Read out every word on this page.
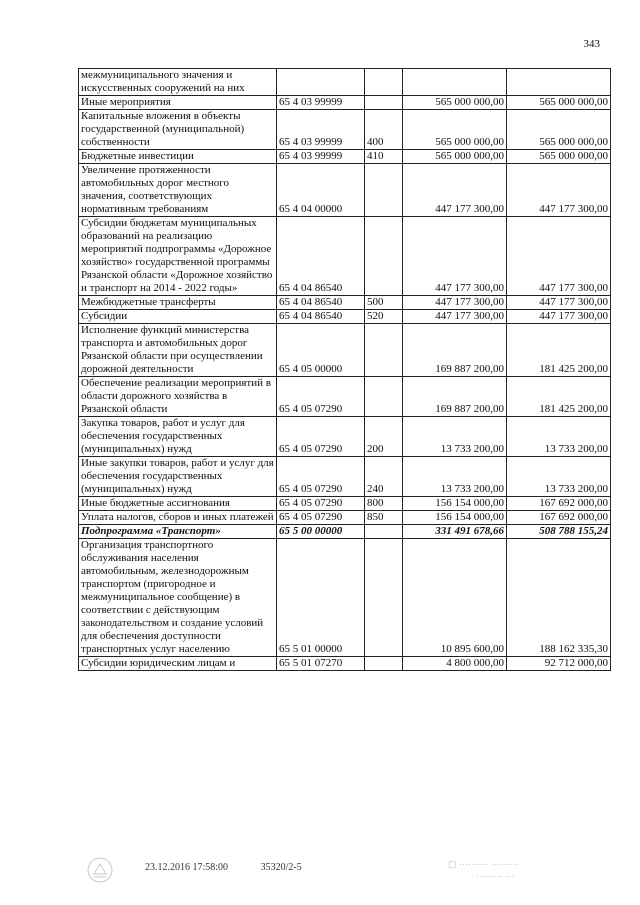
343
межмуниципального значения и искусственных сооружений на них				
Иные мероприятия	65 4 03 99999		565 000 000,00	565 000 000,00
Капитальные вложения в объекты государственной (муниципальной) собственности	65 4 03 99999	400	565 000 000,00	565 000 000,00
Бюджетные инвестиции	65 4 03 99999	410	565 000 000,00	565 000 000,00
Увеличение протяженности автомобильных дорог местного значения, соответствующих нормативным требованиям	65 4 04 00000		447 177 300,00	447 177 300,00
Субсидии бюджетам муниципальных образований на реализацию мероприятий подпрограммы «Дорожное хозяйство» государственной программы Рязанской области «Дорожное хозяйство и транспорт на 2014 - 2022 годы»	65 4 04 86540		447 177 300,00	447 177 300,00
Межбюджетные трансферты	65 4 04 86540	500	447 177 300,00	447 177 300,00
Субсидии	65 4 04 86540	520	447 177 300,00	447 177 300,00
Исполнение функций министерства транспорта и автомобильных дорог Рязанской области при осуществлении дорожной деятельности	65 4 05 00000		169 887 200,00	181 425 200,00
Обеспечение реализации мероприятий в области дорожного хозяйства в Рязанской области	65 4 05 07290		169 887 200,00	181 425 200,00
Закупка товаров, работ и услуг для обеспечения государственных (муниципальных) нужд	65 4 05 07290	200	13 733 200,00	13 733 200,00
Иные закупки товаров, работ и услуг для обеспечения государственных (муниципальных) нужд	65 4 05 07290	240	13 733 200,00	13 733 200,00
Иные бюджетные ассигнования	65 4 05 07290	800	156 154 000,00	167 692 000,00
Уплата налогов, сборов и иных платежей	65 4 05 07290	850	156 154 000,00	167 692 000,00
Подпрограмма «Транспорт»	65 5 00 00000		331 491 678,66	508 788 155,24
Организация транспортного обслуживания населения автомобильным, железнодорожным транспортом (пригородное и межмуниципальное сообщение) в соответствии с действующим законодательством и создание условий для обеспечения доступности транспортных услуг населению	65 5 01 00000		10 895 600,00	188 162 335,30
Субсидии юридическим лицам и	65 5 01 07270		4 800 000,00	92 712 000,00
23.12.2016 17:58:00	35320/2-5	▢ ·········· ·········
········· ···
